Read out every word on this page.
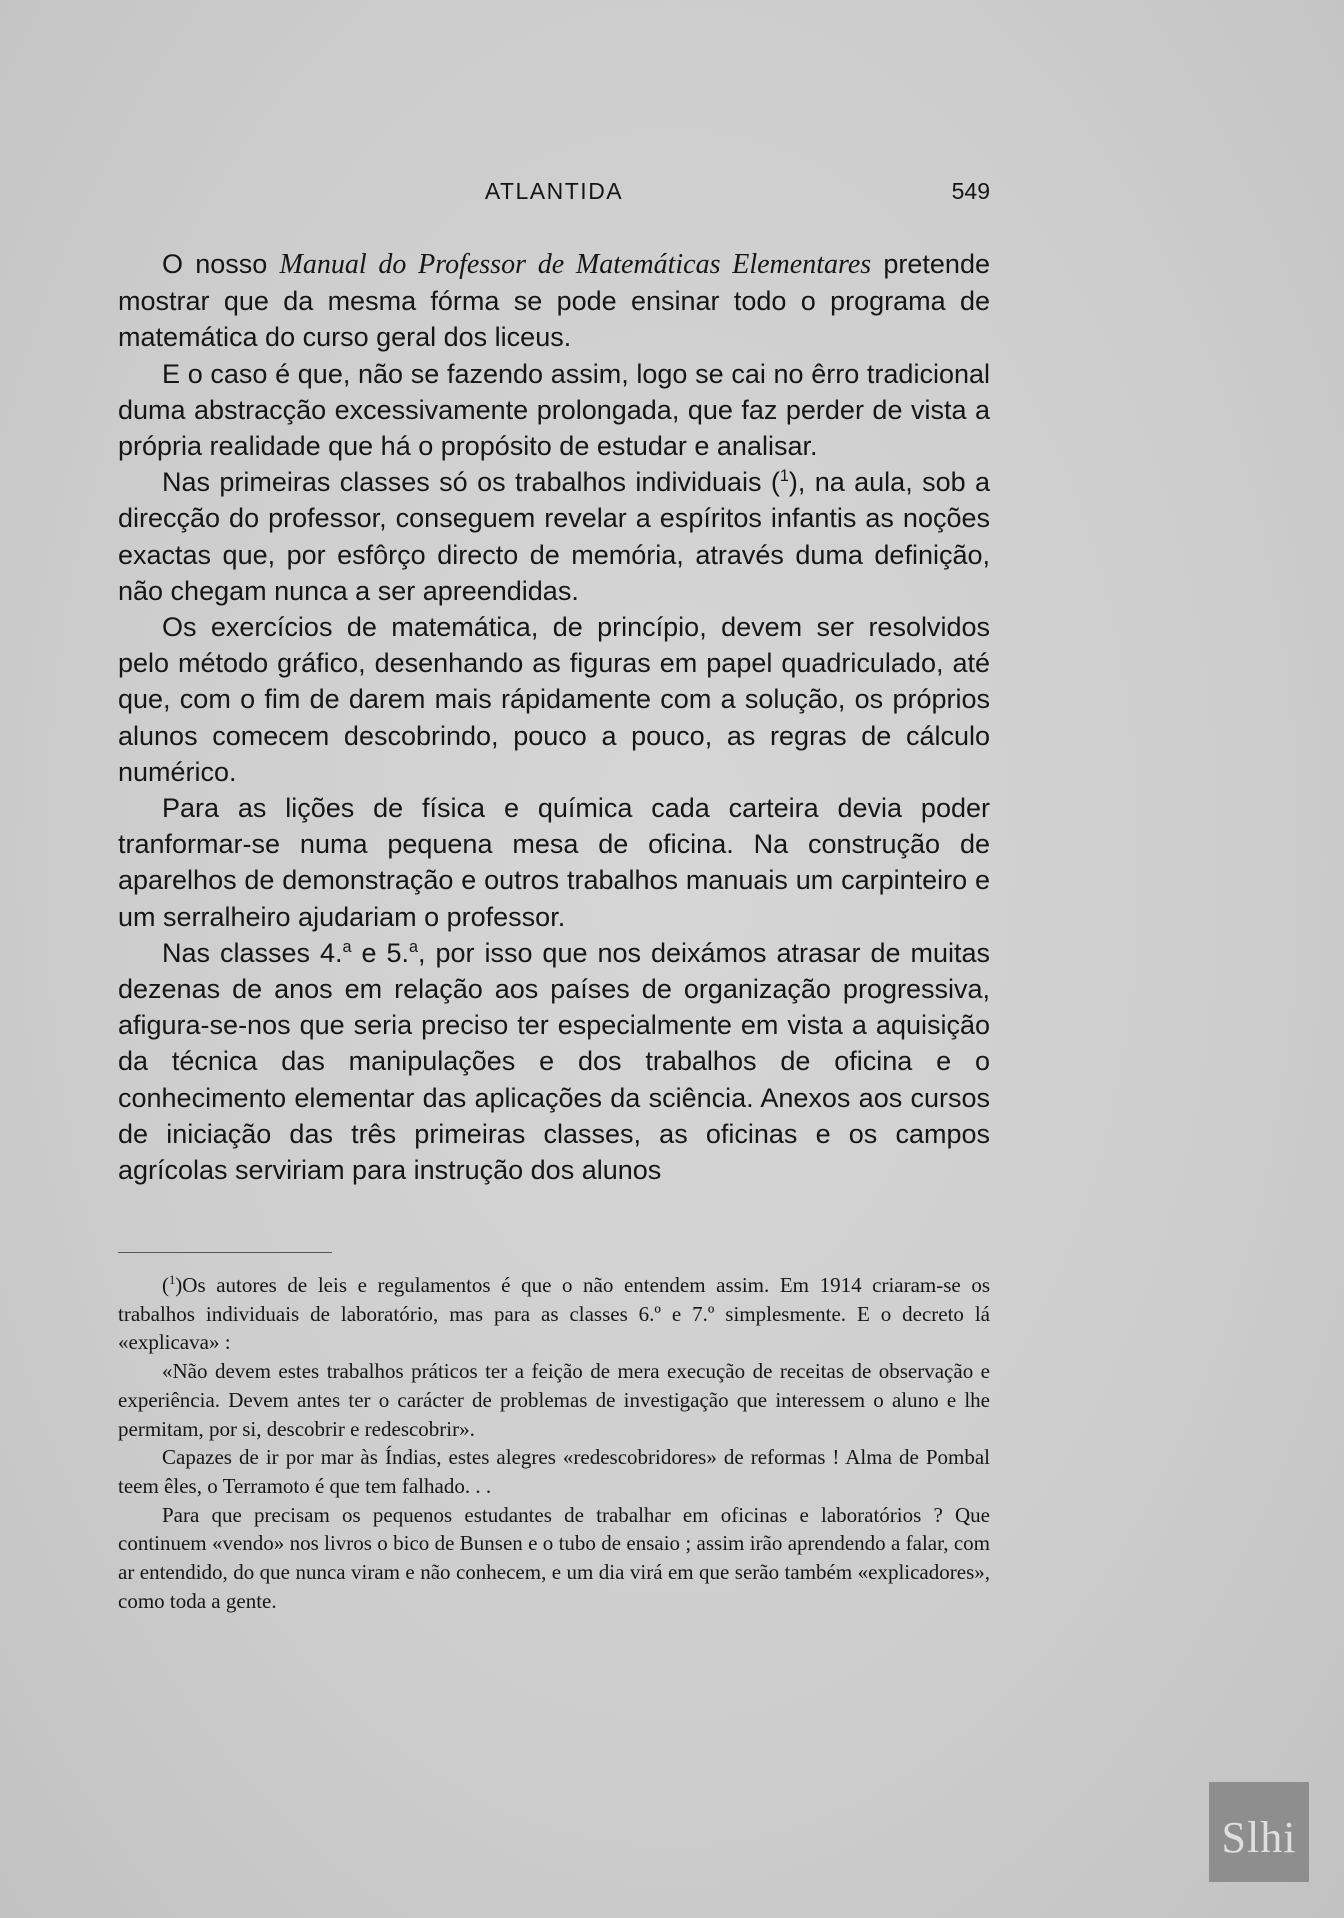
ATLANTIDA	549

O nosso Manual do Professor de Matemáticas Elementares pretende mostrar que da mesma fórma se pode ensinar todo o programa de matemática do curso geral dos liceus.

E o caso é que, não se fazendo assim, logo se cai no êrro tradicional duma abstracção excessivamente prolongada, que faz perder de vista a própria realidade que há o propósito de estudar e analisar.

Nas primeiras classes só os trabalhos individuais ($^1$), na aula, sob a direcção do professor, conseguem revelar a espíritos infantis as noções exactas que, por esfôrço directo de memória, através duma definição, não chegam nunca a ser apreendidas.

Os exercícios de matemática, de princípio, devem ser resolvidos pelo método gráfico, desenhando as figuras em papel quadriculado, até que, com o fim de darem mais rápidamente com a solução, os próprios alunos comecem descobrindo, pouco a pouco, as regras de cálculo numérico.

Para as lições de física e química cada carteira devia poder tranformar-se numa pequena mesa de oficina. Na construção de aparelhos de demonstração e outros trabalhos manuais um carpinteiro e um serralheiro ajudariam o professor.

Nas classes 4.$^a$ e 5.$^a$, por isso que nos deixámos atrasar de muitas dezenas de anos em relação aos países de organização progressiva, afigura-se-nos que seria preciso ter especialmente em vista a aquisição da técnica das manipulações e dos trabalhos de oficina e o conhecimento elementar das aplicações da sciência. Anexos aos cursos de iniciação das três primeiras classes, as oficinas e os campos agrícolas serviriam para instrução dos alunos

($^1$)Os autores de leis e regulamentos é que o não entendem assim. Em 1914 criaram-se os trabalhos individuais de laboratório, mas para as classes 6.º e 7.º simplesmente. E o decreto lá «explicava» :

«Não devem estes trabalhos práticos ter a feição de mera execução de receitas de observação e experiência. Devem antes ter o carácter de problemas de investigação que interessem o aluno e lhe permitam, por si, descobrir e redescobrir».

Capazes de ir por mar às Índias, estes alegres «redescobridores» de reformas ! Alma de Pombal teem êles, o Terramoto é que tem falhado. . .

Para que precisam os pequenos estudantes de trabalhar em oficinas e laboratórios ? Que continuem «vendo» nos livros o bico de Bunsen e o tubo de ensaio ; assim irão aprendendo a falar, com ar entendido, do que nunca viram e não conhecem, e um dia virá em que serão também «explicadores», como toda a gente.

Slhi
